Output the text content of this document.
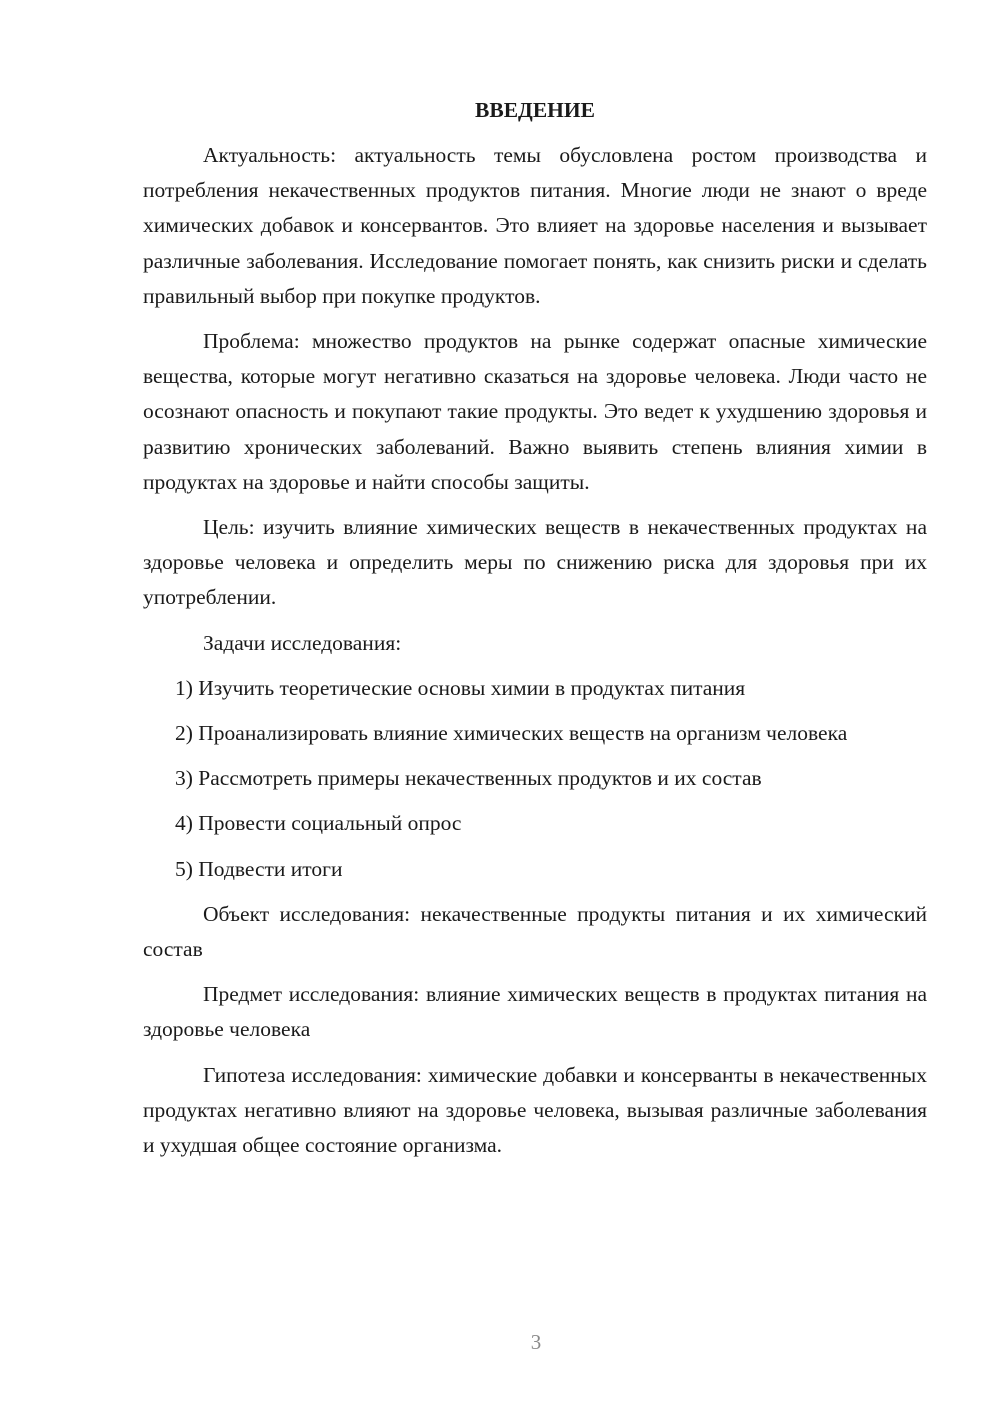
ВВЕДЕНИЕ

Актуальность: актуальность темы обусловлена ростом производства и потребления некачественных продуктов питания. Многие люди не знают о вреде химических добавок и консервантов. Это влияет на здоровье населения и вызывает различные заболевания. Исследование помогает понять, как снизить риски и сделать правильный выбор при покупке продуктов.

Проблема: множество продуктов на рынке содержат опасные химические вещества, которые могут негативно сказаться на здоровье человека. Люди часто не осознают опасность и покупают такие продукты. Это ведет к ухудшению здоровья и развитию хронических заболеваний. Важно выявить степень влияния химии в продуктах на здоровье и найти способы защиты.

Цель: изучить влияние химических веществ в некачественных продуктах на здоровье человека и определить меры по снижению риска для здоровья при их употреблении.

Задачи исследования:

1) Изучить теоретические основы химии в продуктах питания

2) Проанализировать влияние химических веществ на организм человека

3) Рассмотреть примеры некачественных продуктов и их состав

4) Провести социальный опрос

5) Подвести итоги

Объект исследования: некачественные продукты питания и их химический состав

Предмет исследования: влияние химических веществ в продуктах питания на здоровье человека

Гипотеза исследования: химические добавки и консерванты в некачественных продуктах негативно влияют на здоровье человека, вызывая различные заболевания и ухудшая общее состояние организма.

3
